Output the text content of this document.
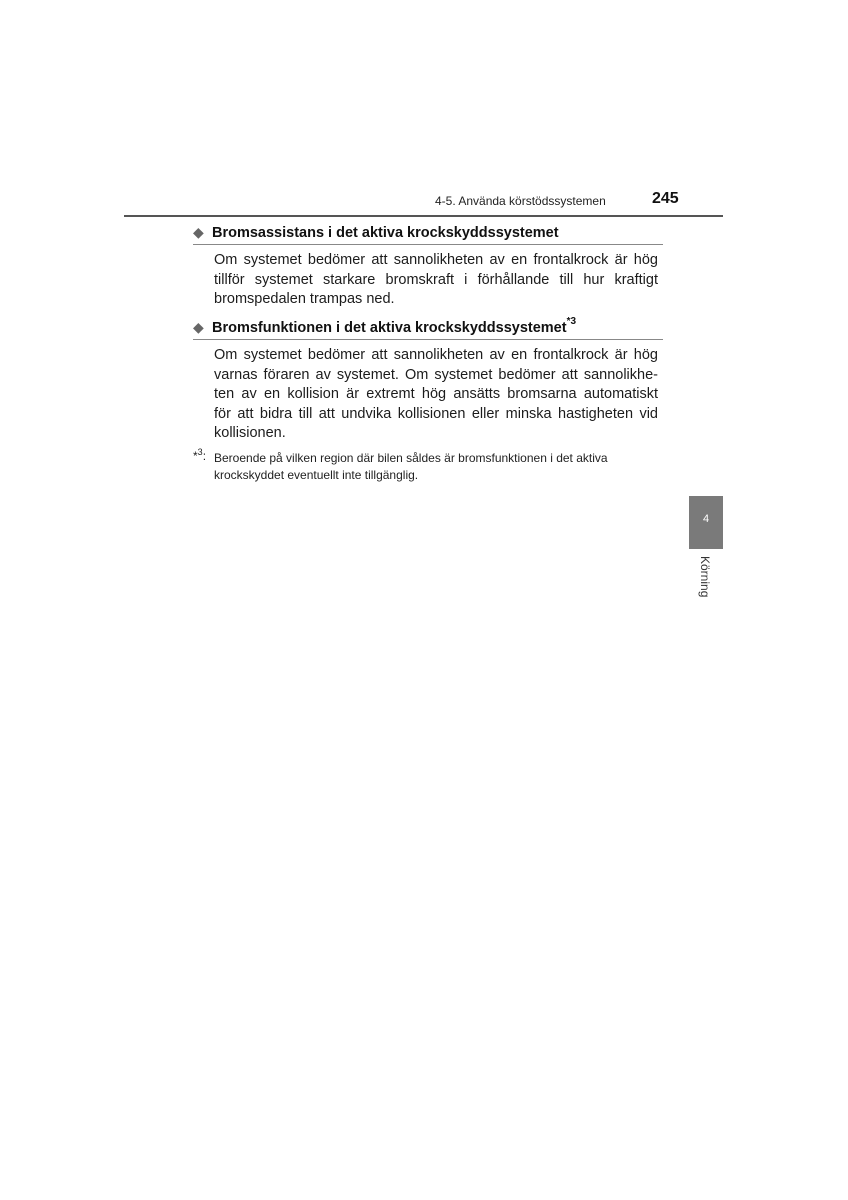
4-5. Använda körstödssystemen	245
◆ Bromsassistans i det aktiva krockskyddssystemet
Om systemet bedömer att sannolikheten av en frontalkrock är hög
tillför systemet starkare bromskraft i förhållande till hur kraftigt
bromspedalen trampas ned.
◆ Bromsfunktionen i det aktiva krockskyddssystemet$^{*3}$
Om systemet bedömer att sannolikheten av en frontalkrock är hög
varnas föraren av systemet. Om systemet bedömer att sannolikhe-
ten av en kollision är extremt hög ansätts bromsarna automatiskt
för att bidra till att undvika kollisionen eller minska hastigheten vid
kollisionen.
*$^3$: Beroende på vilken region där bilen såldes är bromsfunktionen i det aktiva
krockskyddet eventuellt inte tillgänglig.
4
Körning
